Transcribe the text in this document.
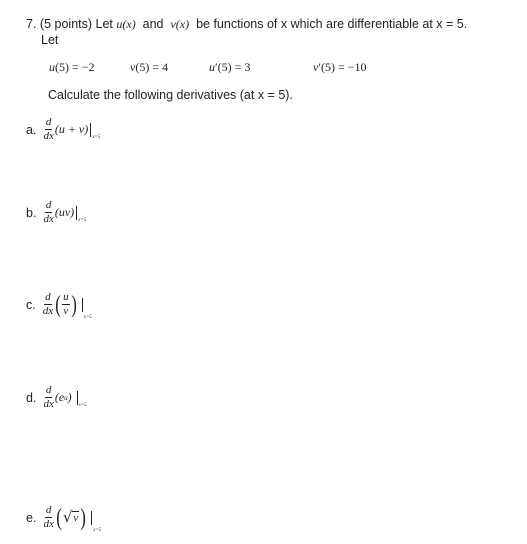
7. (5 points) Let u(x) and v(x) be functions of x which are differentiable at x = 5.
Let
u(5) = −2	v(5) = 4	u′(5) = 3	v′(5) = −10
Calculate the following derivatives (at x = 5).
a. $\frac{d}{dx} (u + v)$
x=5
b. $\frac{d}{dx} (uv)$
x=5
c. $\frac{d}{dx}$ ( $\frac{u}{v}$ ) x=5
d. $\frac{d}{dx}$ ( e u )
x=5
e. $\frac{d}{dx}$ ( √ v ) x=5
